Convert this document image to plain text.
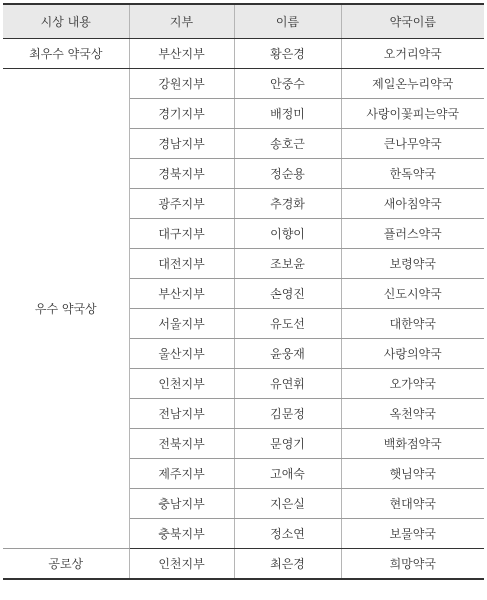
시상 내용	지부	이름	약국이름
최우수 약국상	부산지부	황은경	오거리약국
우수 약국상	강원지부	안중수	제일온누리약국
	경기지부	배정미	사랑이꽃피는약국
	경남지부	송호근	큰나무약국
	경북지부	정순용	한독약국
	광주지부	추경화	새아침약국
	대구지부	이향이	플러스약국
	대전지부	조보윤	보령약국
	부산지부	손영진	신도시약국
	서울지부	유도선	대한약국
	울산지부	윤웅재	사랑의약국
	인천지부	유연휘	오가약국
	전남지부	김문정	옥천약국
	전북지부	문영기	백화점약국
	제주지부	고애숙	햇님약국
	충남지부	지은실	현대약국
	충북지부	정소연	보물약국
공로상	인천지부	최은경	희망약국
